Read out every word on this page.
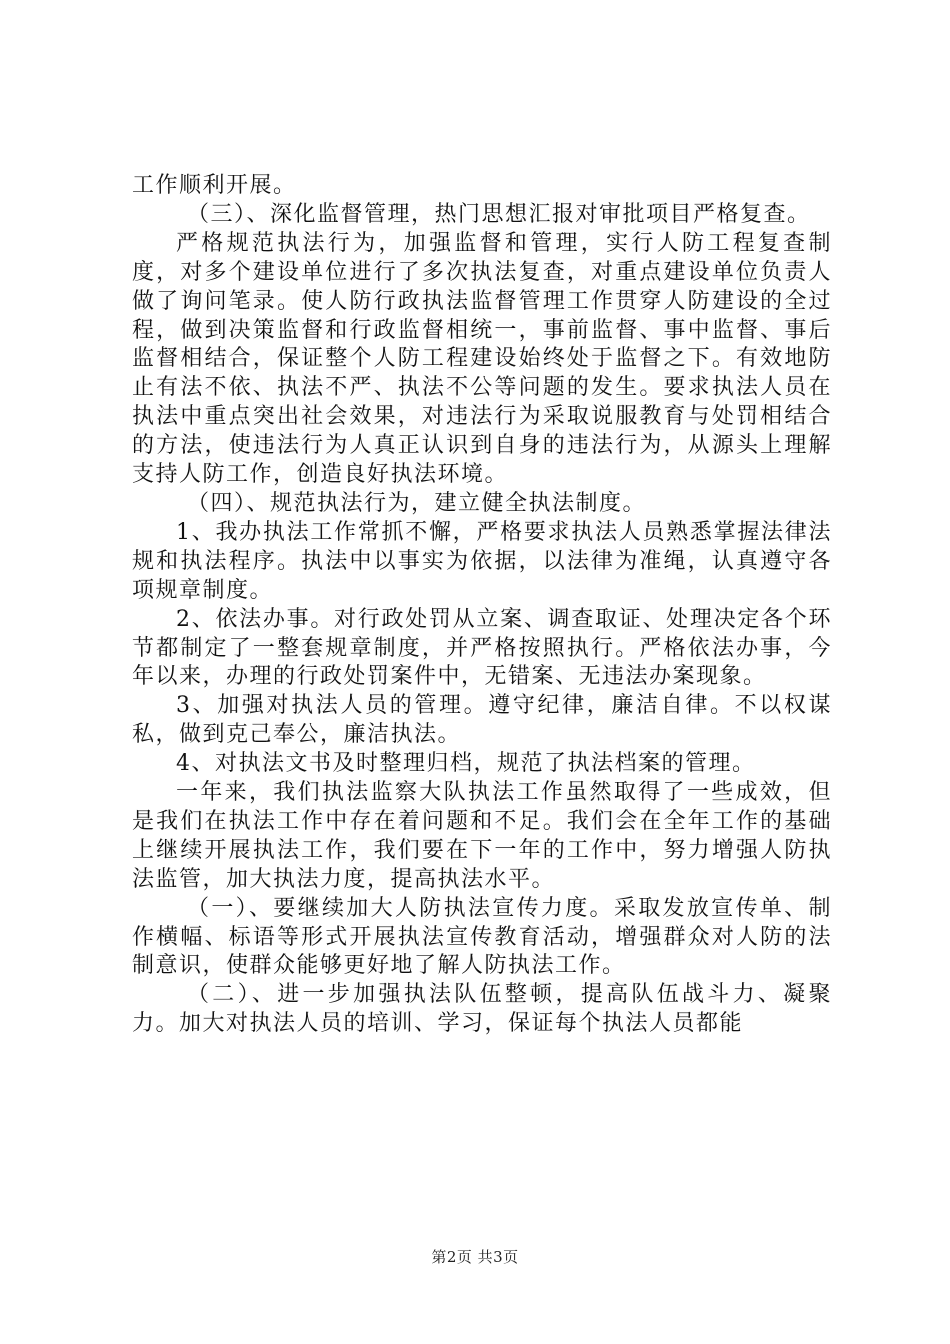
工作顺利开展。

（三）、深化监督管理，热门思想汇报对审批项目严格复查。

严格规范执法行为，加强监督和管理，实行人防工程复查制度，对多个建设单位进行了多次执法复查，对重点建设单位负责人做了询问笔录。使人防行政执法监督管理工作贯穿人防建设的全过程，做到决策监督和行政监督相统一，事前监督、事中监督、事后监督相结合，保证整个人防工程建设始终处于监督之下。有效地防止有法不依、执法不严、执法不公等问题的发生。要求执法人员在执法中重点突出社会效果，对违法行为采取说服教育与处罚相结合的方法，使违法行为人真正认识到自身的违法行为，从源头上理解支持人防工作，创造良好执法环境。

（四）、规范执法行为，建立健全执法制度。

1、我办执法工作常抓不懈，严格要求执法人员熟悉掌握法律法规和执法程序。执法中以事实为依据，以法律为准绳，认真遵守各项规章制度。

2、依法办事。对行政处罚从立案、调查取证、处理决定各个环节都制定了一整套规章制度，并严格按照执行。严格依法办事，今年以来，办理的行政处罚案件中，无错案、无违法办案现象。

3、加强对执法人员的管理。遵守纪律，廉洁自律。不以权谋私，做到克己奉公，廉洁执法。

4、对执法文书及时整理归档，规范了执法档案的管理。

一年来，我们执法监察大队执法工作虽然取得了一些成效，但是我们在执法工作中存在着问题和不足。我们会在全年工作的基础上继续开展执法工作，我们要在下一年的工作中，努力增强人防执法监管，加大执法力度，提高执法水平。

（一）、要继续加大人防执法宣传力度。采取发放宣传单、制作横幅、标语等形式开展执法宣传教育活动，增强群众对人防的法制意识，使群众能够更好地了解人防执法工作。

（二）、进一步加强执法队伍整顿，提高队伍战斗力、凝聚力。加大对执法人员的培训、学习，保证每个执法人员都能

第2页 共3页
